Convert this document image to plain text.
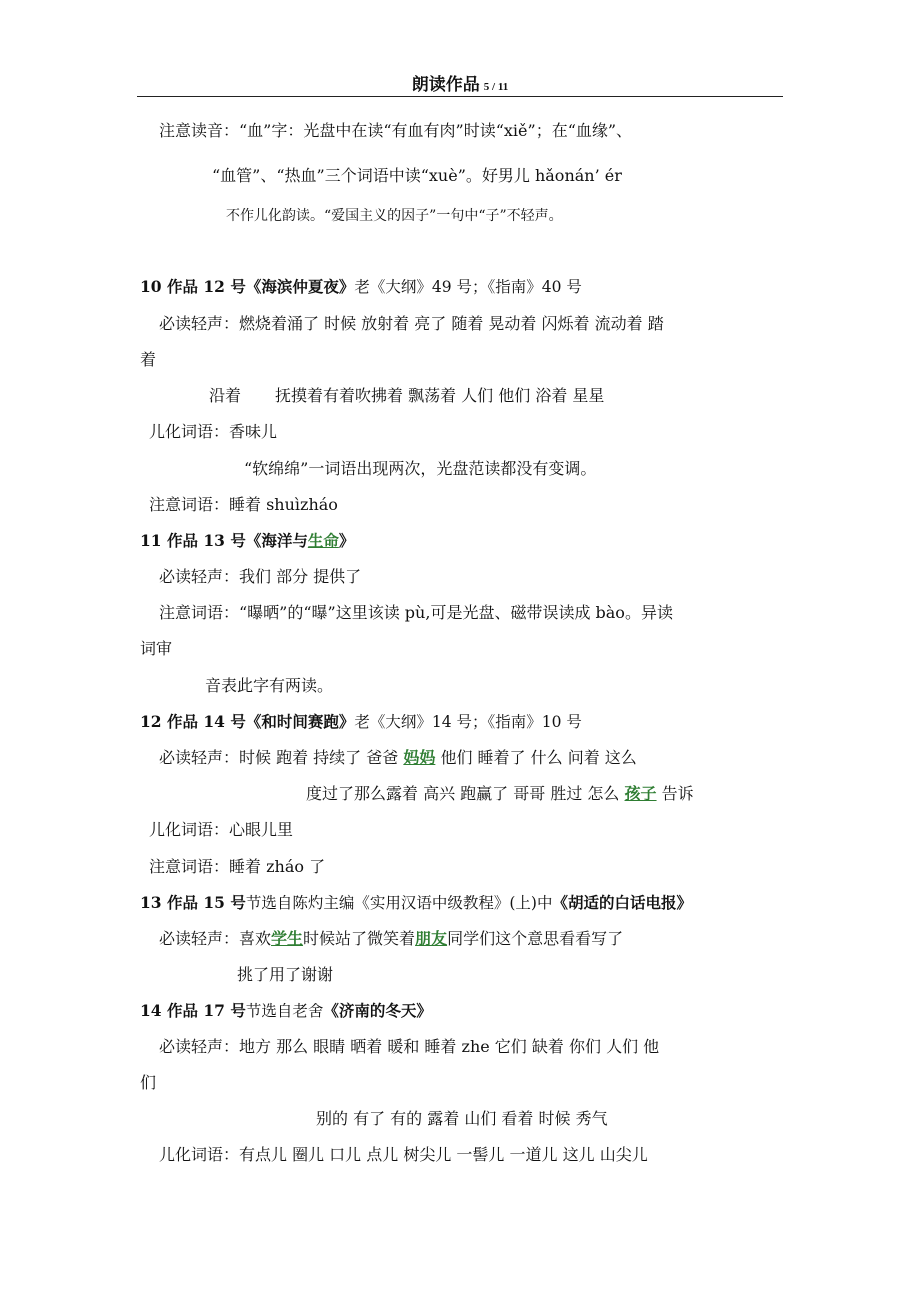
朗读作品 5 / 11
注意读音：“血”字：光盘中在读“有血有肉”时读“xiě”；在“血缘”、
“血管”、“热血”三个词语中读“xuè”。好男儿 hǎonán’ ér
不作儿化韵读。“爱国主义的因子”一句中“子”不轻声。
10 作品 12 号《海滨仲夏夜》老《大纲》49 号；《指南》40 号
必读轻声：燃烧着涌了 时候 放射着 亮了 随着 晃动着 闪烁着 流动着 踏
着
沿着 抚摸着有着吹拂着 飘荡着 人们 他们 浴着 星星
儿化词语：香味儿
“软绵绵”一词语出现两次，光盘范读都没有变调。
注意词语：睡着 shuìzháo
11 作品 13 号《海洋与生命》
必读轻声：我们 部分 提供了
注意词语：“曝晒”的“曝”这里该读 pù,可是光盘、磁带误读成 bào。异读
词审
音表此字有两读。
12 作品 14 号《和时间赛跑》老《大纲》14 号；《指南》10 号
必读轻声：时候 跑着 持续了 爸爸 妈妈 他们 睡着了 什么 问着 这么
度过了那么露着 高兴 跑赢了 哥哥 胜过 怎么 孩子 告诉
儿化词语：心眼儿里
注意词语：睡着 zháo 了
13 作品 15 号节选自陈灼主编《实用汉语中级教程》(上)中《胡适的白话电报》
必读轻声：喜欢学生时候站了微笑着朋友同学们这个意思看看写了
挑了用了谢谢
14 作品 17 号节选自老舍《济南的冬天》
必读轻声：地方 那么 眼睛 晒着 暖和 睡着 zhe 它们 缺着 你们 人们 他
们
别的 有了 有的 露着 山们 看着 时候 秀气
儿化词语：有点儿 圈儿 口儿 点儿 树尖儿 一髻儿 一道儿 这儿 山尖儿
